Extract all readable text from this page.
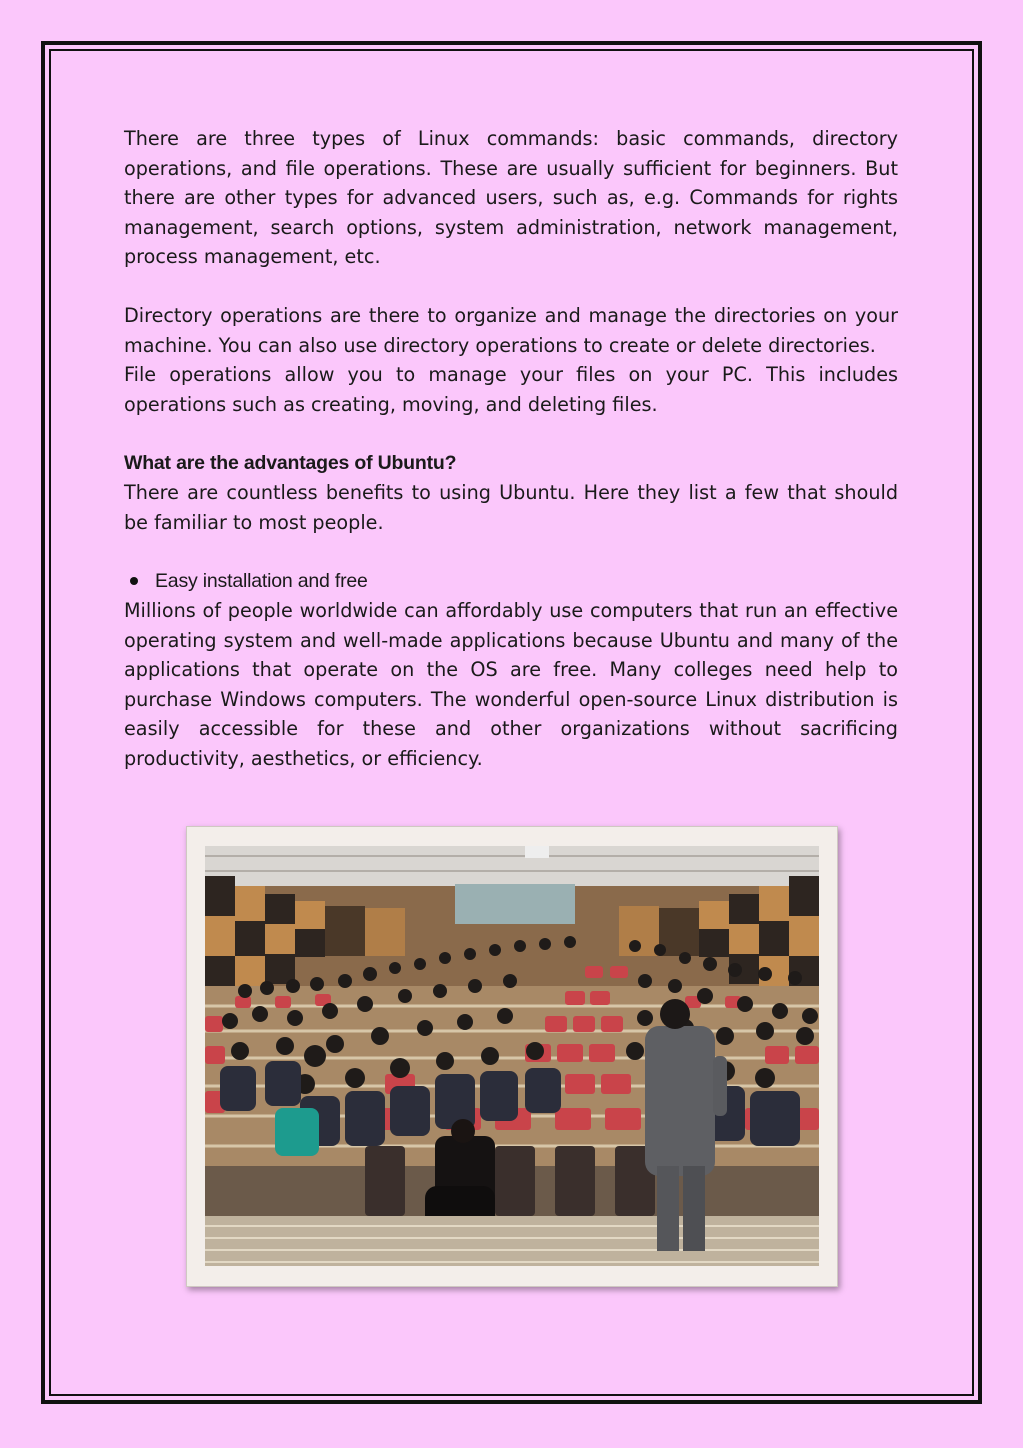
There are three types of Linux commands: basic commands, directory operations, and file operations. These are usually sufficient for beginners. But there are other types for advanced users, such as, e.g. Commands for rights management, search options, system administration, network management, process management, etc.

Directory operations are there to organize and manage the directories on your machine. You can also use directory operations to create or delete directories.

File operations allow you to manage your files on your PC. This includes operations such as creating, moving, and deleting files.

What are the advantages of Ubuntu?

There are countless benefits to using Ubuntu. Here they list a few that should be familiar to most people.

Easy installation and free

Millions of people worldwide can affordably use computers that run an effective operating system and well-made applications because Ubuntu and many of the applications that operate on the OS are free. Many colleges need help to purchase Windows computers. The wonderful open-source Linux distribution is easily accessible for these and other organizations without sacrificing productivity, aesthetics, or efficiency.
